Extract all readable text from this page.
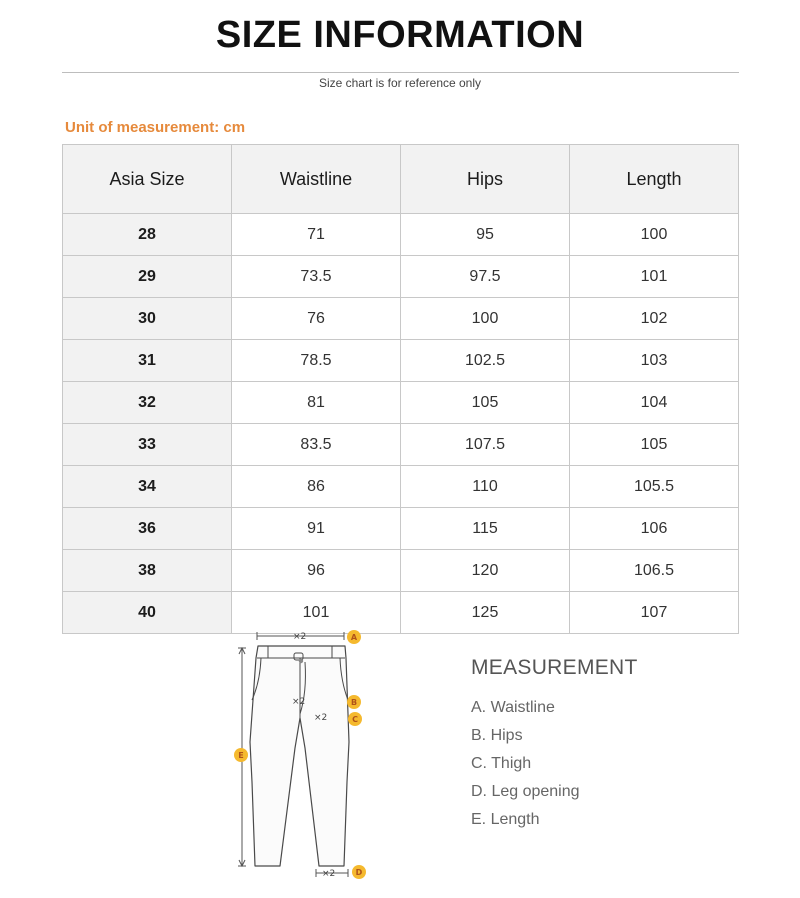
SIZE INFORMATION
Size chart is for reference only
Unit of measurement: cm
Asia Size	Waistline	Hips	Length
28	71	95	100
29	73.5	97.5	101
30	76	100	102
31	78.5	102.5	103
32	81	105	104
33	83.5	107.5	105
34	86	110	105.5
36	91	115	106
38	96	120	106.5
40	101	125	107
×2
×2
×2
×2
A
B
C
D
E
MEASUREMENT
A. Waistline
B. Hips
C. Thigh
D. Leg opening
E. Length
